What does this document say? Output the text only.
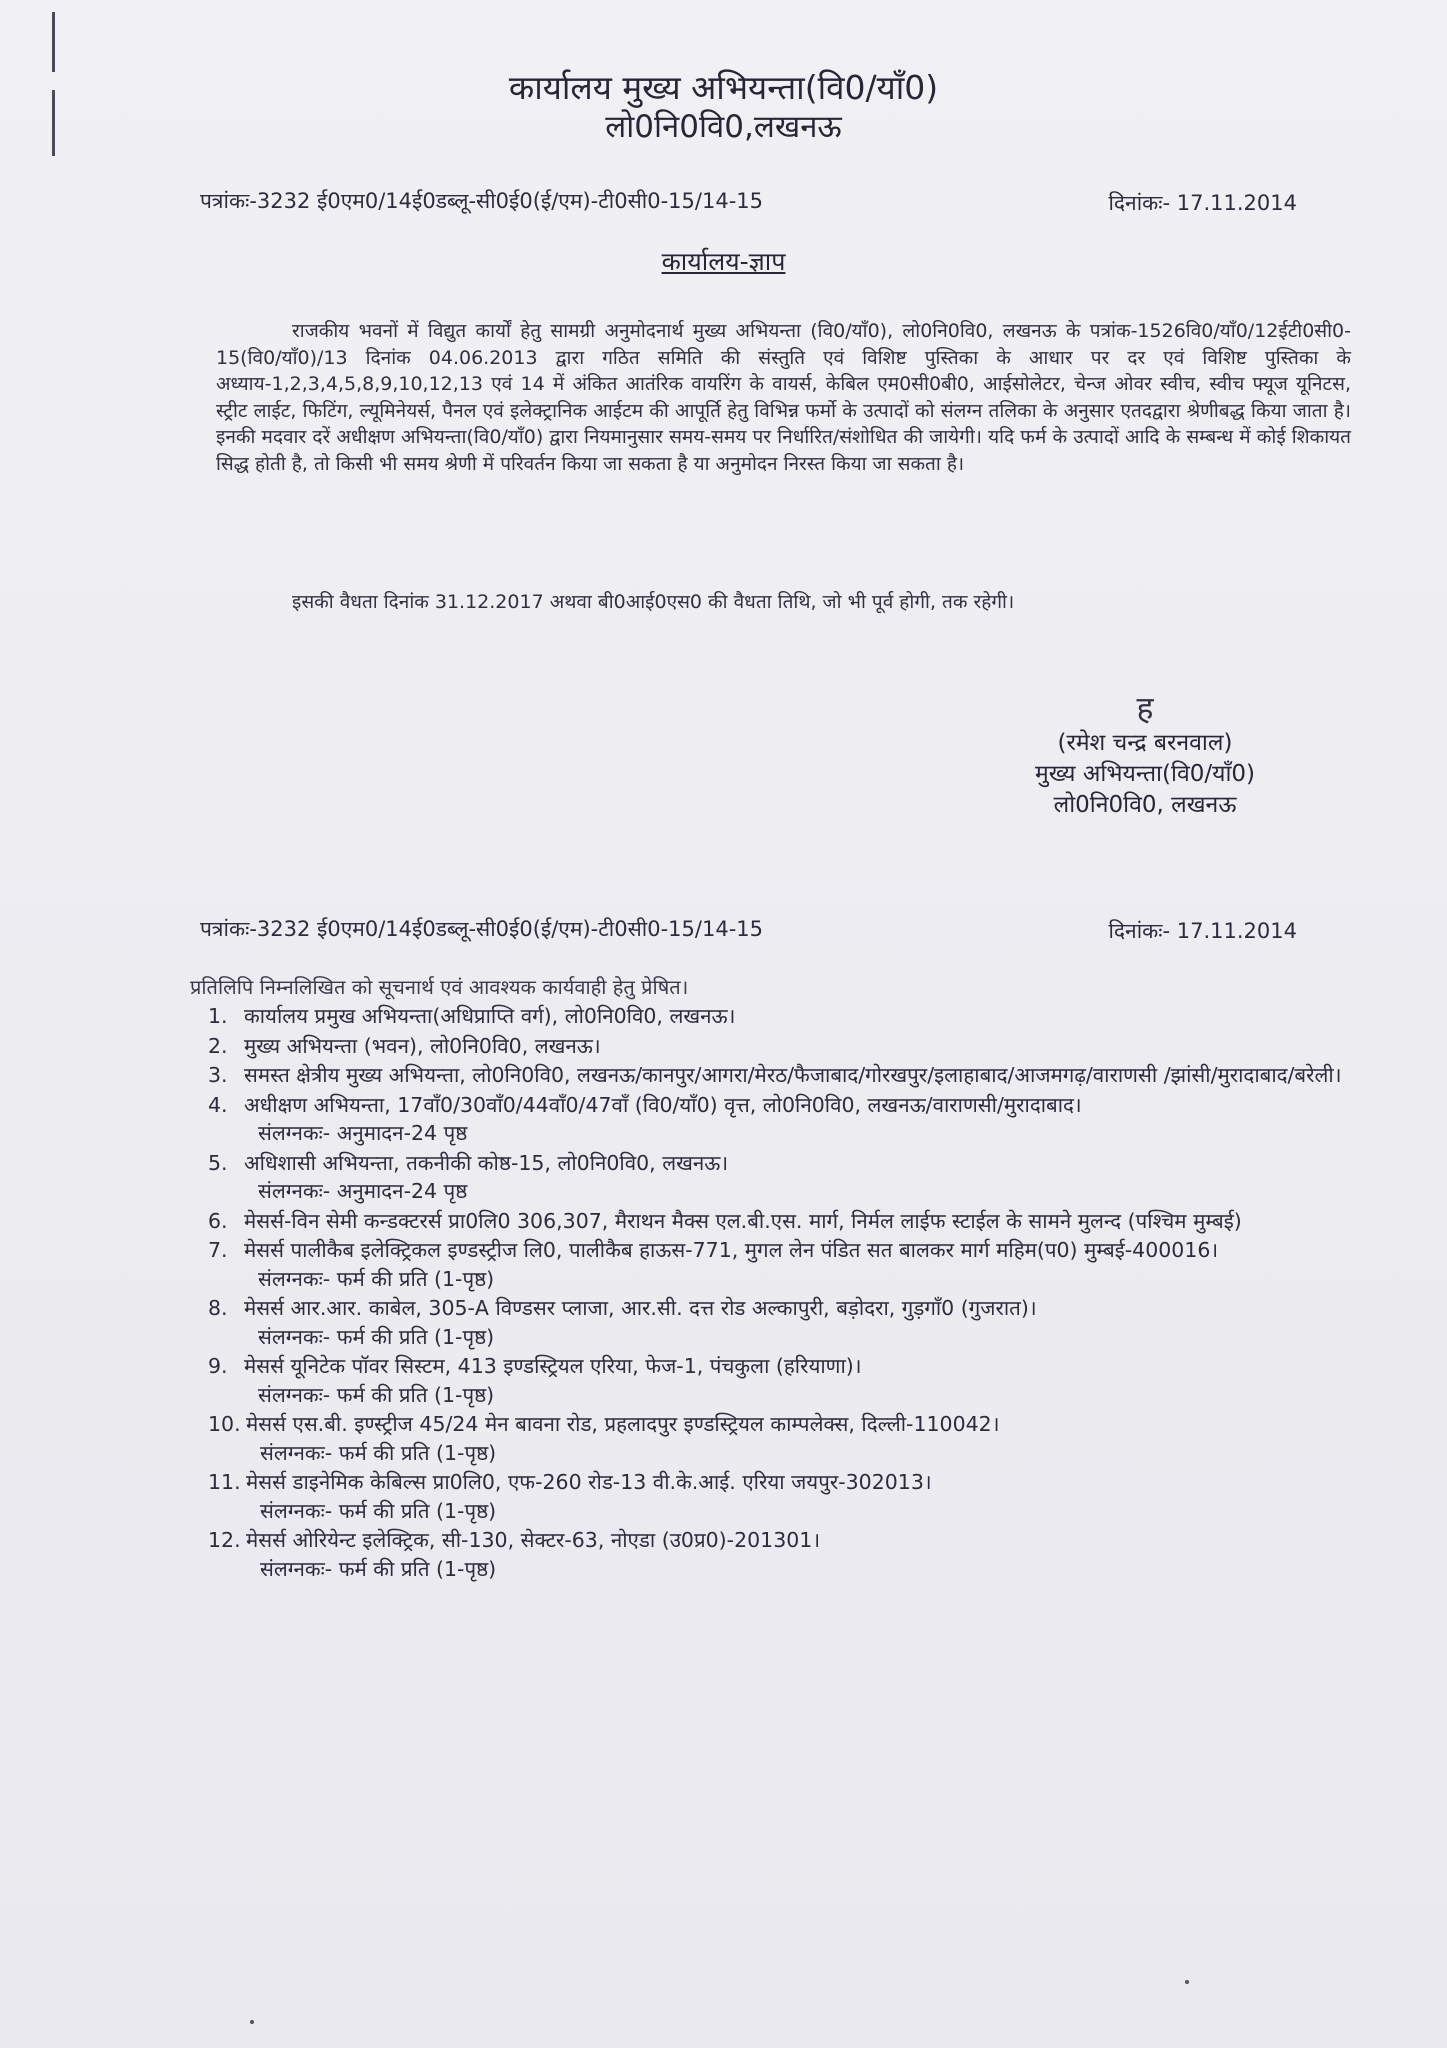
कार्यालय मुख्य अभियन्ता(वि0/याँ0)
लो0नि0वि0,लखनऊ
पत्रांकः-3232 ई0एम0/14ई0डब्लू-सी0ई0(ई/एम)-टी0सी0-15/14-15	दिनांकः- 17.11.2014
कार्यालय-ज्ञाप
राजकीय भवनों में विद्युत कार्यों हेतु सामग्री अनुमोदनार्थ मुख्य अभियन्ता (वि0/याँ0), लो0नि0वि0, लखनऊ के पत्रांक-1526वि0/याँ0/12ईटी0सी0-15(वि0/याँ0)/13 दिनांक 04.06.2013 द्वारा गठित समिति की संस्तुति एवं विशिष्ट पुस्तिका के आधार पर दर एवं विशिष्ट पुस्तिका के अध्याय-1,2,3,4,5,8,9,10,12,13 एवं 14 में अंकित आतंरिक वायरिंग के वायर्स, केबिल एम0सी0बी0, आईसोलेटर, चेन्ज ओवर स्वीच, स्वीच फ्यूज यूनिटस, स्ट्रीट लाईट, फिटिंग, ल्यूमिनेयर्स, पैनल एवं इलेक्ट्रानिक आईटम की आपूर्ति हेतु विभिन्न फर्मो के उत्पादों को संलग्न तलिका के अनुसार एतदद्वारा श्रेणीबद्ध किया जाता है। इनकी मदवार दरें अधीक्षण अभियन्ता(वि0/याँ0) द्वारा नियमानुसार समय-समय पर निर्धारित/संशोधित की जायेगी। यदि फर्म के उत्पादों आदि के सम्बन्ध में कोई शिकायत सिद्ध होती है, तो किसी भी समय श्रेणी में परिवर्तन किया जा सकता है या अनुमोदन निरस्त किया जा सकता है।
इसकी वैधता दिनांक 31.12.2017 अथवा बी0आई0एस0 की वैधता तिथि, जो भी पूर्व होगी, तक रहेगी।
ह
(रमेश चन्द्र बरनवाल)
मुख्य अभियन्ता(वि0/याँ0)
लो0नि0वि0, लखनऊ
पत्रांकः-3232 ई0एम0/14ई0डब्लू-सी0ई0(ई/एम)-टी0सी0-15/14-15	दिनांकः- 17.11.2014
प्रतिलिपि निम्नलिखित को सूचनार्थ एवं आवश्यक कार्यवाही हेतु प्रेषित।
1. कार्यालय प्रमुख अभियन्ता(अधिप्राप्ति वर्ग), लो0नि0वि0, लखनऊ।
2. मुख्य अभियन्ता (भवन), लो0नि0वि0, लखनऊ।
3. समस्त क्षेत्रीय मुख्य अभियन्ता, लो0नि0वि0, लखनऊ/कानपुर/आगरा/मेरठ/फैजाबाद/गोरखपुर/इलाहाबाद/आजमगढ़/वाराणसी /झांसी/मुरादाबाद/बरेली।
4. अधीक्षण अभियन्ता, 17वाँ0/30वाँ0/44वाँ0/47वाँ (वि0/याँ0) वृत्त, लो0नि0वि0, लखनऊ/वाराणसी/मुरादाबाद।
संलग्नकः- अनुमादन-24 पृष्ठ
5. अधिशासी अभियन्ता, तकनीकी कोष्ठ-15, लो0नि0वि0, लखनऊ।
संलग्नकः- अनुमादन-24 पृष्ठ
6. मेसर्स-विन सेमी कन्डक्टरर्स प्रा0लि0 306,307, मैराथन मैक्स एल.बी.एस. मार्ग, निर्मल लाईफ स्टाईल के सामने मुलन्द (पश्चिम मुम्बई)
7. मेसर्स पालीकैब इलेक्ट्रिकल इण्डस्ट्रीज लि0, पालीकैब हाऊस-771, मुगल लेन पंडित सत बालकर मार्ग महिम(प0) मुम्बई-400016।
संलग्नकः- फर्म की प्रति (1-पृष्ठ)
8. मेसर्स आर.आर. काबेल, 305-A विण्डसर प्लाजा, आर.सी. दत्त रोड अल्कापुरी, बड़ोदरा, गुड़गाँ0 (गुजरात)।
संलग्नकः- फर्म की प्रति (1-पृष्ठ)
9. मेसर्स यूनिटेक पॉवर सिस्टम, 413 इण्डस्ट्रियल एरिया, फेज-1, पंचकुला (हरियाणा)।
संलग्नकः- फर्म की प्रति (1-पृष्ठ)
10. मेसर्स एस.बी. इण्स्ट्रीज 45/24 मेन बावना रोड, प्रहलादपुर इण्डस्ट्रियल काम्पलेक्स, दिल्ली-110042।
संलग्नकः- फर्म की प्रति (1-पृष्ठ)
11. मेसर्स डाइनेमिक केबिल्स प्रा0लि0, एफ-260 रोड-13 वी.के.आई. एरिया जयपुर-302013।
संलग्नकः- फर्म की प्रति (1-पृष्ठ)
12. मेसर्स ओरियेन्ट इलेक्ट्रिक, सी-130, सेक्टर-63, नोएडा (उ0प्र0)-201301।
संलग्नकः- फर्म की प्रति (1-पृष्ठ)
